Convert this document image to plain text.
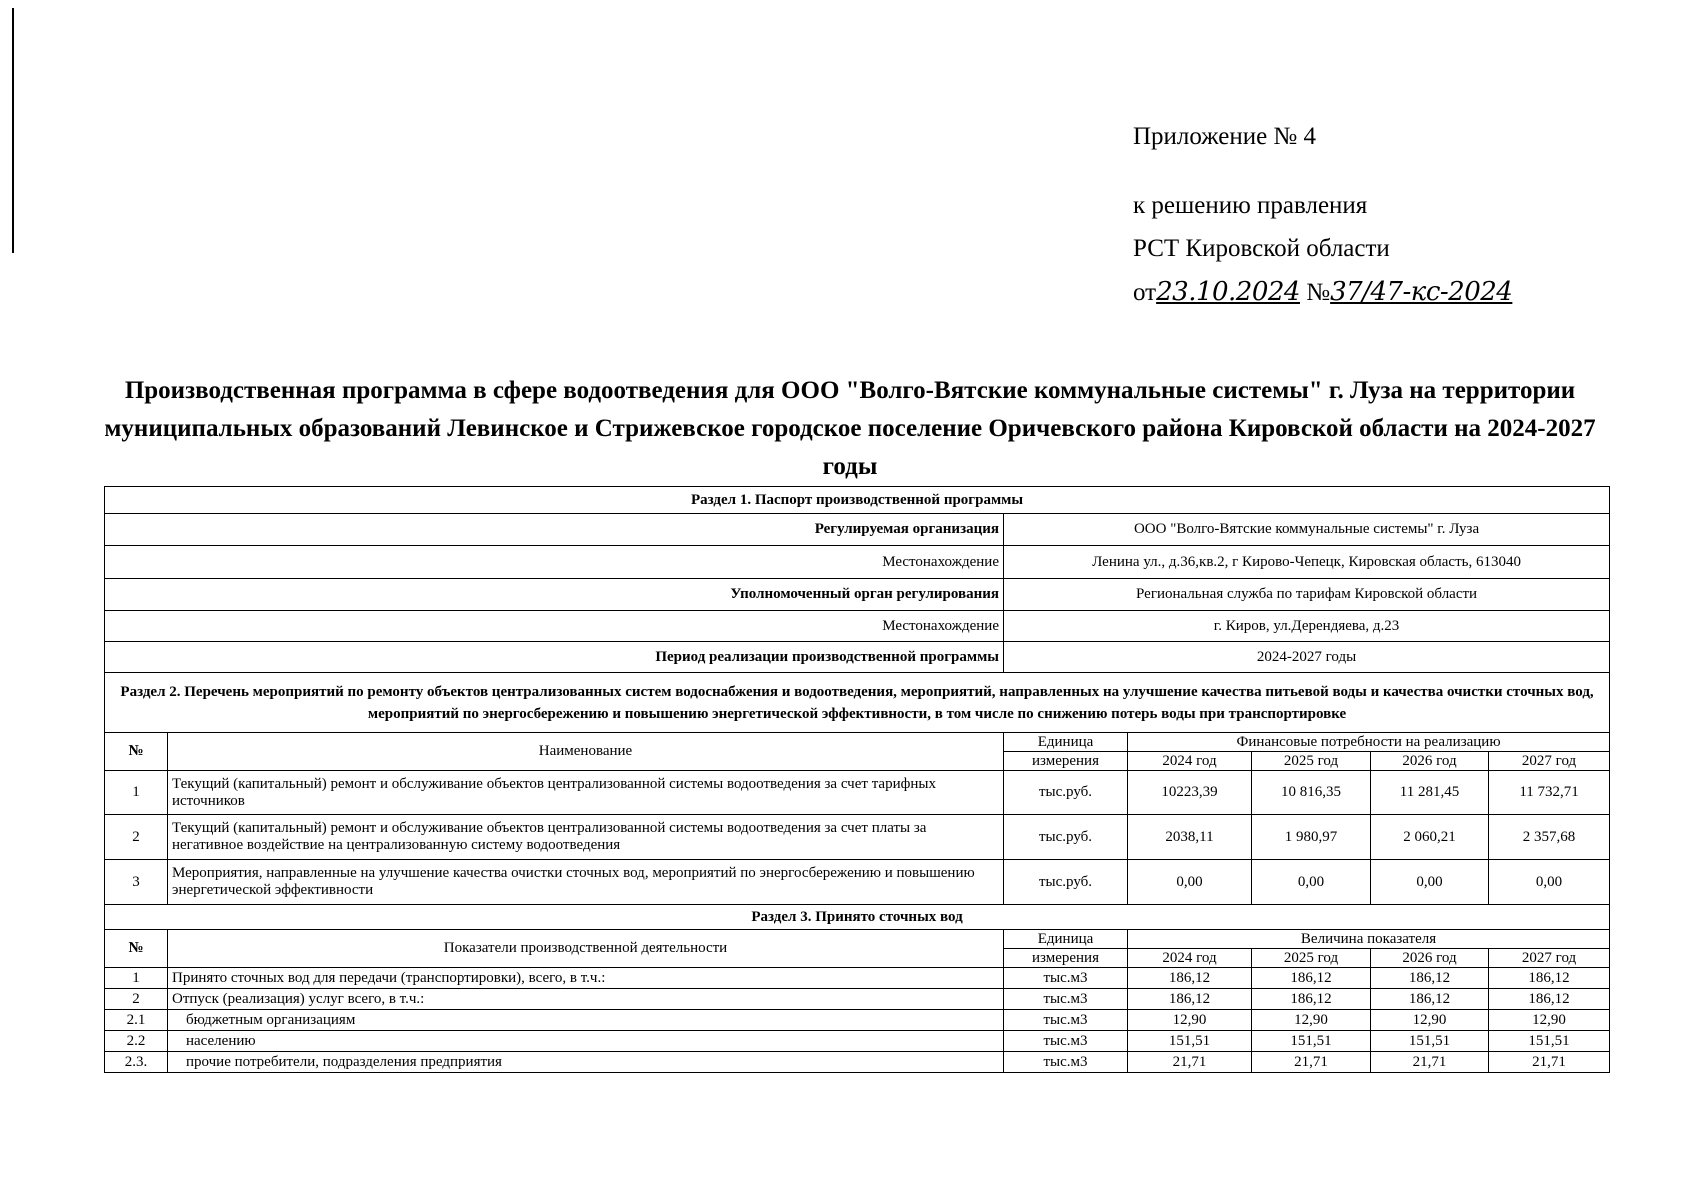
Приложение № 4
к решению правления
РСТ Кировской области
от23.10.2024 №37/47-кс-2024
Производственная программа в сфере водоотведения для ООО "Волго-Вятские коммунальные системы" г. Луза на территории муниципальных образований Левинское и Стрижевское городское поселение Оричевского района Кировской области на 2024-2027 годы
Раздел 1. Паспорт производственной программы						
Регулируемая организация		ООО "Волго-Вятские коммунальные системы" г. Луза				
Местонахождение		Ленина ул., д.36,кв.2, г Кирово-Чепецк, Кировская область, 613040				
Уполномоченный орган регулирования		Региональная служба по тарифам Кировской области				
Местонахождение		г. Киров, ул.Дерендяева, д.23				
Период реализации производственной программы		2024-2027 годы				
Раздел 2. Перечень мероприятий по ремонту объектов централизованных систем водоснабжения и водоотведения, мероприятий, направленных на улучшение качества питьевой воды и качества очистки сточных вод, мероприятий по энергосбережению и повышению энергетической эффективности, в том числе по снижению потерь воды при транспортировке						
№	Наименование	Единица	Финансовые потребности на реализацию			
		измерения	2024 год	2025 год	2026 год	2027 год
1	Текущий (капитальный) ремонт и обслуживание объектов централизованной системы водоотведения за счет тарифных источников	тыс.руб.	10223,39	10 816,35	11 281,45	11 732,71
2	Текущий (капитальный) ремонт и обслуживание объектов централизованной системы водоотведения за счет платы за негативное воздействие на централизованную систему водоотведения	тыс.руб.	2038,11	1 980,97	2 060,21	2 357,68
3	Мероприятия, направленные на улучшение качества очистки сточных вод, мероприятий по энергосбережению и повышению энергетической эффективности	тыс.руб.	0,00	0,00	0,00	0,00
Раздел 3. Принято сточных вод						
№	Показатели производственной деятельности	Единица	Величина показателя			
		измерения	2024 год	2025 год	2026 год	2027 год
1	Принято сточных вод для передачи (транспортировки), всего, в т.ч.:	тыс.м3	186,12	186,12	186,12	186,12
2	Отпуск (реализация) услуг всего, в т.ч.:	тыс.м3	186,12	186,12	186,12	186,12
2.1	бюджетным организациям	тыс.м3	12,90	12,90	12,90	12,90
2.2	населению	тыс.м3	151,51	151,51	151,51	151,51
2.3.	прочие потребители, подразделения предприятия	тыс.м3	21,71	21,71	21,71	21,71
